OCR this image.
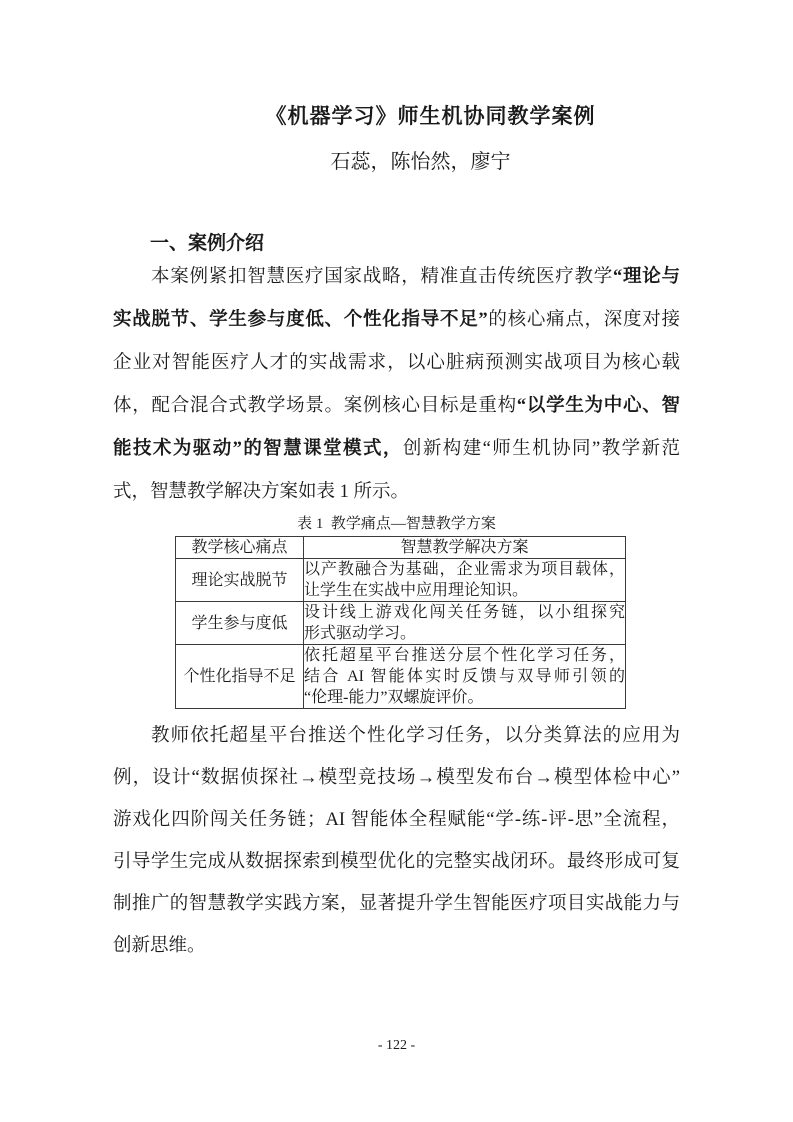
《机器学习》师生机协同教学案例
石蕊，陈怡然，廖宁
一、案例介绍
本案例紧扣智慧医疗国家战略，精准直击传统医疗教学“理论与
实战脱节、学生参与度低、个性化指导不足”的核心痛点，深度对接
企业对智能医疗人才的实战需求，以心脏病预测实战项目为核心载
体，配合混合式教学场景。案例核心目标是重构“以学生为中心、智
能技术为驱动”的智慧课堂模式，创新构建“师生机协同”教学新范
式，智慧教学解决方案如表 1 所示。
表 1  教学痛点—智慧教学方案
教学核心痛点	智慧教学解决方案
理论实战脱节	以产教融合为基础，企业需求为项目载体，
让学生在实战中应用理论知识。

学生参与度低	设计线上游戏化闯关任务链，以小组探究
形式驱动学习。

个性化指导不足	依托超星平台推送分层个性化学习任务，
结合 AI 智能体实时反馈与双导师引领的
“伦理-能力”双螺旋评价。
教师依托超星平台推送个性化学习任务，以分类算法的应用为
例，设计“数据侦探社→模型竞技场→模型发布台→模型体检中心”
游戏化四阶闯关任务链；AI 智能体全程赋能“学-练-评-思”全流程，
引导学生完成从数据探索到模型优化的完整实战闭环。最终形成可复
制推广的智慧教学实践方案，显著提升学生智能医疗项目实战能力与
创新思维。
- 122 -
